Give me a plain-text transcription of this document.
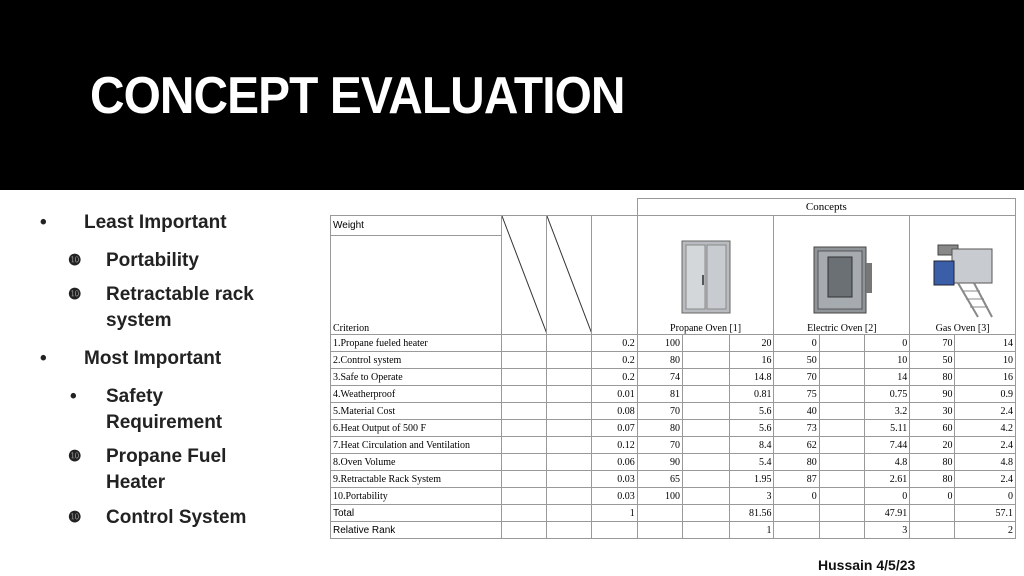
CONCEPT EVALUATION
• Least Important
❿ Portability
❿ Retractable rack
system
• Most Important
• Safety
Requirement
❿ Propane Fuel
Heater
❿ Control System
				Concepts							
Weight				Propane Oven [1]			Electric Oven [2]			Gas Oven [3]	

Criterion											
1.Propane fueled heater			0.2	100		20	0		0	70	14
2.Control system			0.2	80		16	50		10	50	10
3.Safe to Operate			0.2	74		14.8	70		14	80	16
4.Weatherproof			0.01	81		0.81	75		0.75	90	0.9
5.Material Cost			0.08	70		5.6	40		3.2	30	2.4
6.Heat Output of 500 F			0.07	80		5.6	73		5.11	60	4.2
7.Heat Circulation and Ventilation			0.12	70		8.4	62		7.44	20	2.4
8.Oven Volume			0.06	90		5.4	80		4.8	80	4.8
9.Retractable Rack System			0.03	65		1.95	87		2.61	80	2.4
10.Portability			0.03	100		3	0		0	0	0
Total			1			81.56			47.91		57.1
Relative Rank						1			3		2
Hussain 4/5/23
